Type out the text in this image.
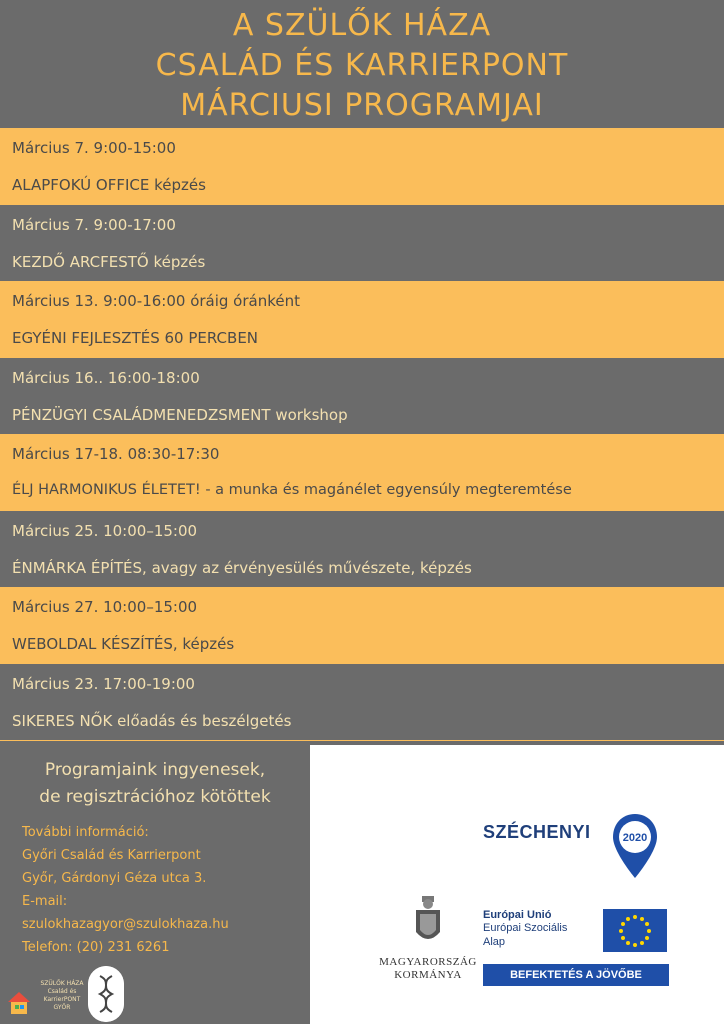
A SZÜLŐK HÁZA
CSALÁD ÉS KARRIERPONT
MÁRCIUSI PROGRAMJAI
Március 7. 9:00-15:00
ALAPFOKÚ OFFICE képzés
Március 7. 9:00-17:00
KEZDŐ ARCFESTŐ képzés
Március 13. 9:00-16:00 óráig óránként
EGYÉNI FEJLESZTÉS 60 PERCBEN
Március 16.. 16:00-18:00
PÉNZÜGYI CSALÁDMENEDZSMENT workshop
Március 17-18. 08:30-17:30
ÉLJ HARMONIKUS ÉLETET! - a munka és magánélet egyensúly megteremtése
Március 25. 10:00–15:00
ÉNMÁRKA ÉPÍTÉS, avagy az érvényesülés művészete, képzés
Március 27. 10:00–15:00
WEBOLDAL KÉSZÍTÉS, képzés
Március 23. 17:00-19:00
SIKERES NŐK előadás és beszélgetés
Programjaink ingyenesek,
de regisztrációhoz kötöttek
További információ:
Győri Család és Karrierpont
Győr, Gárdonyi Géza utca 3.
E-mail:
szulokhazagyor@szulokhaza.hu
Telefon: (20) 231 6261
SZÉCHENYI	2020
MAGYARORSZÁG
KORMÁNYA
Európai Unió
Európai Szociális
Alap
BEFEKTETÉS A JÖVŐBE
SZÜLŐK HÁZA
Család és
KarrierPONT
GYŐR
